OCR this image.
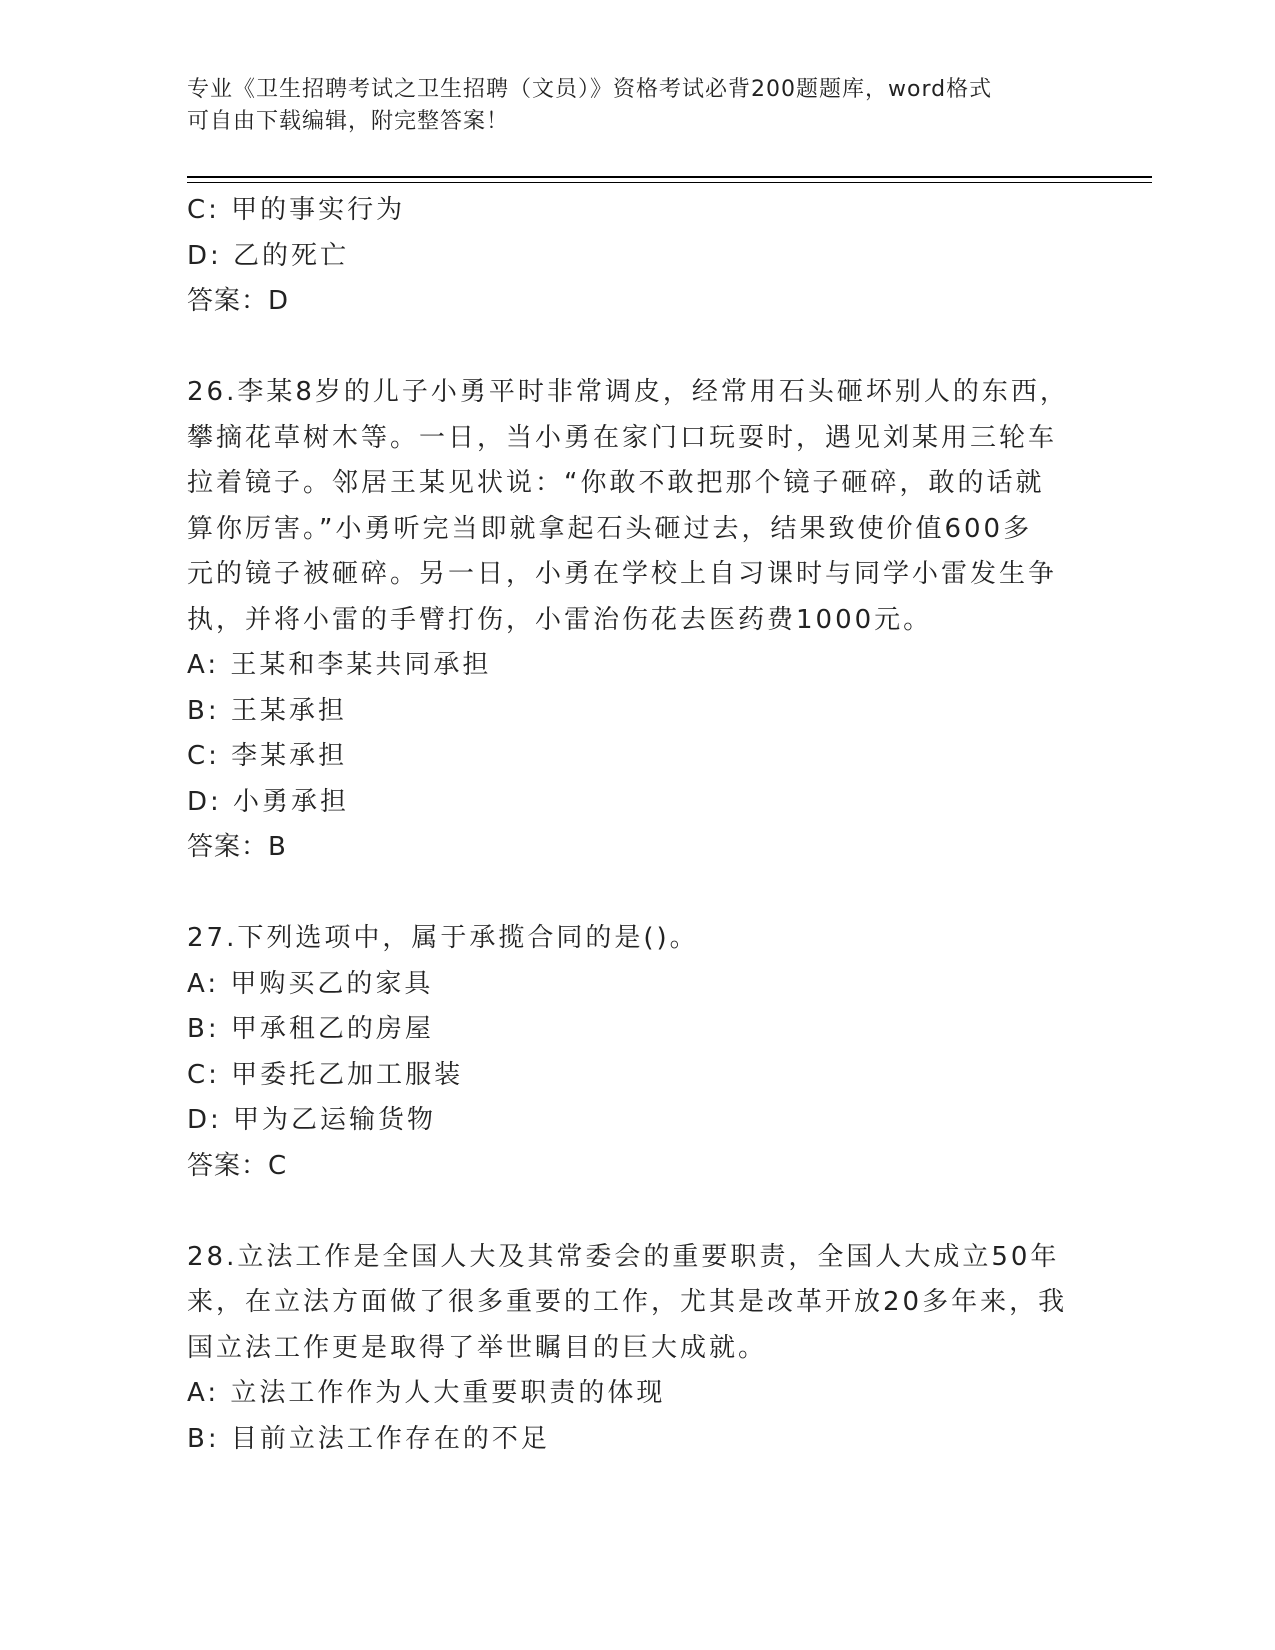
专业《卫生招聘考试之卫生招聘（文员）》资格考试必背200题题库，word格式
可自由下载编辑，附完整答案！

C: 甲的事实行为

D: 乙的死亡

答案：D

26.李某8岁的儿子小勇平时非常调皮，经常用石头砸坏别人的东西，

攀摘花草树木等。一日，当小勇在家门口玩耍时，遇见刘某用三轮车

拉着镜子。邻居王某见状说：“你敢不敢把那个镜子砸碎，敢的话就

算你厉害。”小勇听完当即就拿起石头砸过去，结果致使价值600多

元的镜子被砸碎。另一日，小勇在学校上自习课时与同学小雷发生争

执，并将小雷的手臂打伤，小雷治伤花去医药费1000元。

A: 王某和李某共同承担

B: 王某承担

C: 李某承担

D: 小勇承担

答案：B

27.下列选项中，属于承揽合同的是()。

A: 甲购买乙的家具

B: 甲承租乙的房屋

C: 甲委托乙加工服装

D: 甲为乙运输货物

答案：C

28.立法工作是全国人大及其常委会的重要职责，全国人大成立50年

来，在立法方面做了很多重要的工作，尤其是改革开放20多年来，我

国立法工作更是取得了举世瞩目的巨大成就。

A: 立法工作作为人大重要职责的体现

B: 目前立法工作存在的不足
